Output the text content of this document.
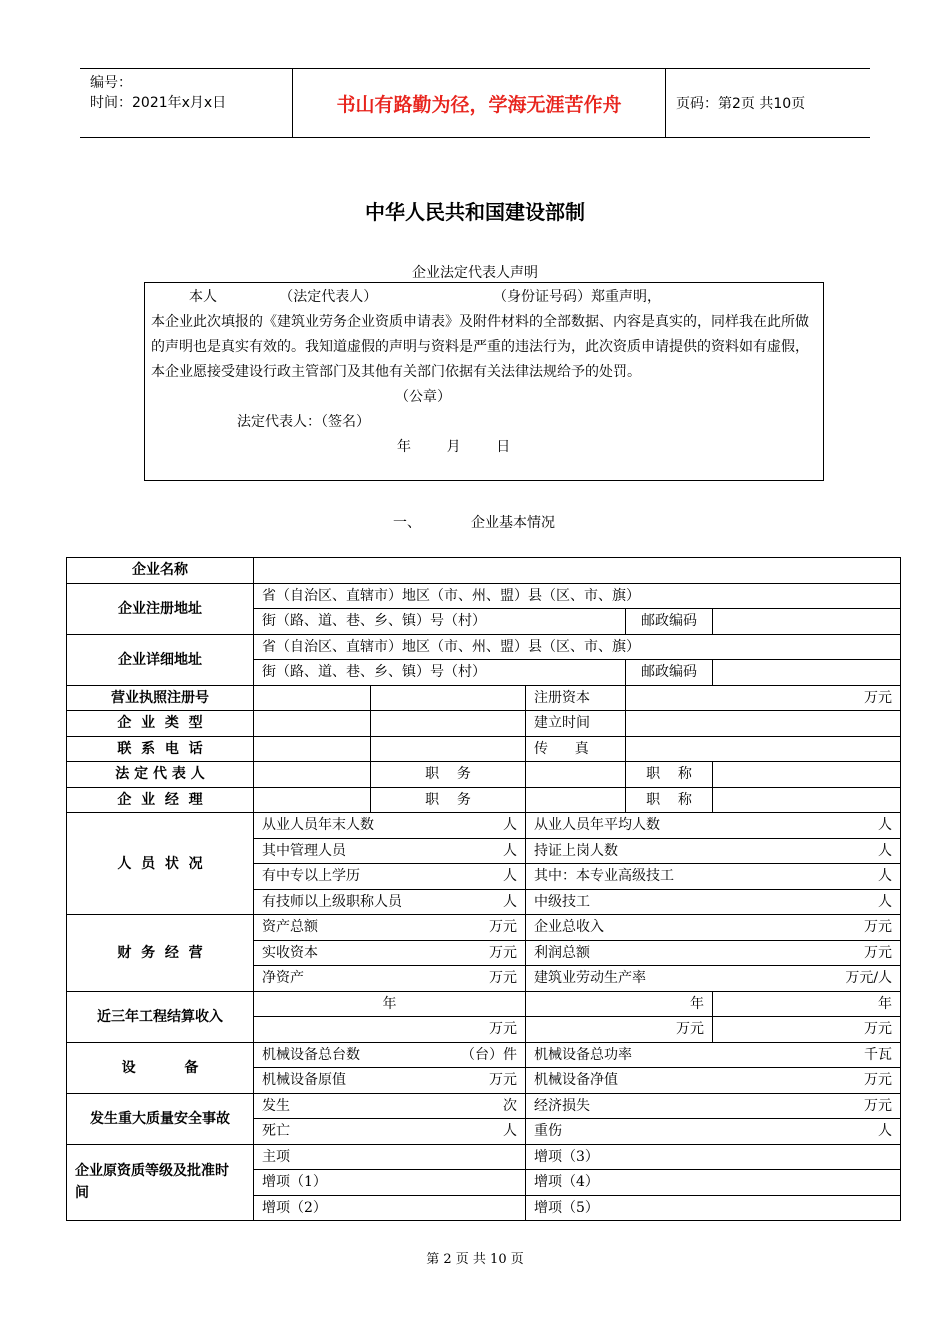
编号：
时间：2021年x月x日	书山有路勤为径，学海无涯苦作舟	页码：第2页 共10页
中华人民共和国建设部制
企业法定代表人声明

本人              （法定代表人）                          （身份证号码）郑重声明，

本企业此次填报的《建筑业劳务企业资质申请表》及附件材料的全部数据、内容是真实的，同样我在此所做的声明也是真实有效的。我知道虚假的声明与资料是严重的违法行为，此次资质申请提供的资料如有虚假，本企业愿接受建设行政主管部门及其他有关部门依据有关法律法规给予的处罚。

（公章）

法定代表人：（签名）

年        月        日

一、	企业基本情况
企业名称					
企业注册地址	省（自治区、直辖市）地区（市、州、盟）县（区、市、旗）				
	街（路、道、巷、乡、镇）号（村）			邮政编码	
企业详细地址	省（自治区、直辖市）地区（市、州、盟）县（区、市、旗）				
	街（路、道、巷、乡、镇）号（村）			邮政编码	
营业执照注册号			注册资本	万元	
企  业  类  型			建立时间		
联  系  电  话			传      真		
法 定 代 表 人		职    务		职    称	
企  业  经  理		职    务		职    称	
人  员  状  况	从业人员年末人数 人		从业人员年平均人数 人		

	其中管理人员 人		持证上岗人数 人		

	有中专以上学历 人		其中：本专业高级技工 人		

	有技师以上级职称人员 人		中级技工 人		

财  务  经  营	资产总额 万元		企业总收入 万元		

	实收资本 万元		利润总额 万元		

	净资产 万元		建筑业劳动生产率 万元/人		

近三年工程结算收入	年		年		年
	万元		万元		万元
设          备	机械设备总台数 （台）件		机械设备总功率 千瓦		

	机械设备原值 万元		机械设备净值 万元		

发生重大质量安全事故	发生 次		经济损失 万元		

	死亡 人		重伤 人		

企业原资质等级及批准时 间	主项		增项（3）		
	增项（1）		增项（4）		
	增项（2）		增项（5）		
第 2 页 共 10 页
